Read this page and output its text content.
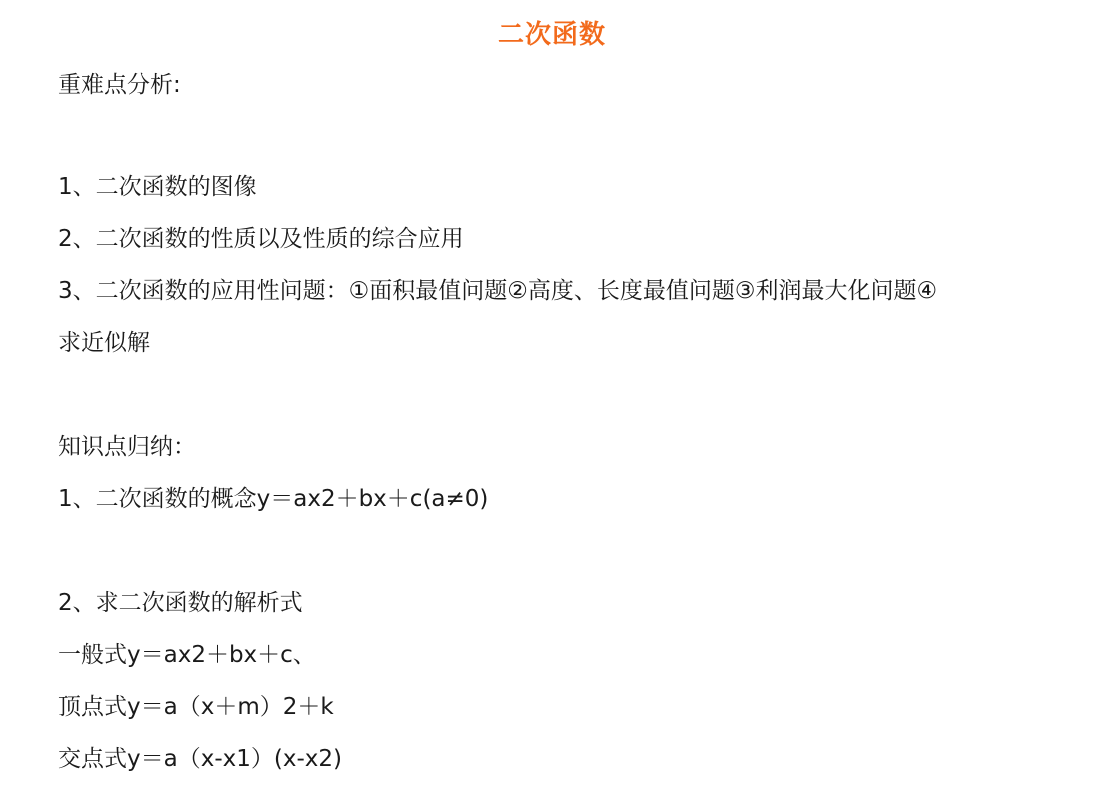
二次函数
重难点分析:
1、二次函数的图像
2、二次函数的性质以及性质的综合应用
3、二次函数的应用性问题：①面积最值问题②高度、长度最值问题③利润最大化问题④
求近似解
知识点归纳：
1、二次函数的概念y＝ax2＋bx＋c(a≠0)
2、求二次函数的解析式
一般式y＝ax2＋bx＋c、
顶点式y＝a（x＋m）2＋k
交点式y＝a（x-x1）(x-x2)
